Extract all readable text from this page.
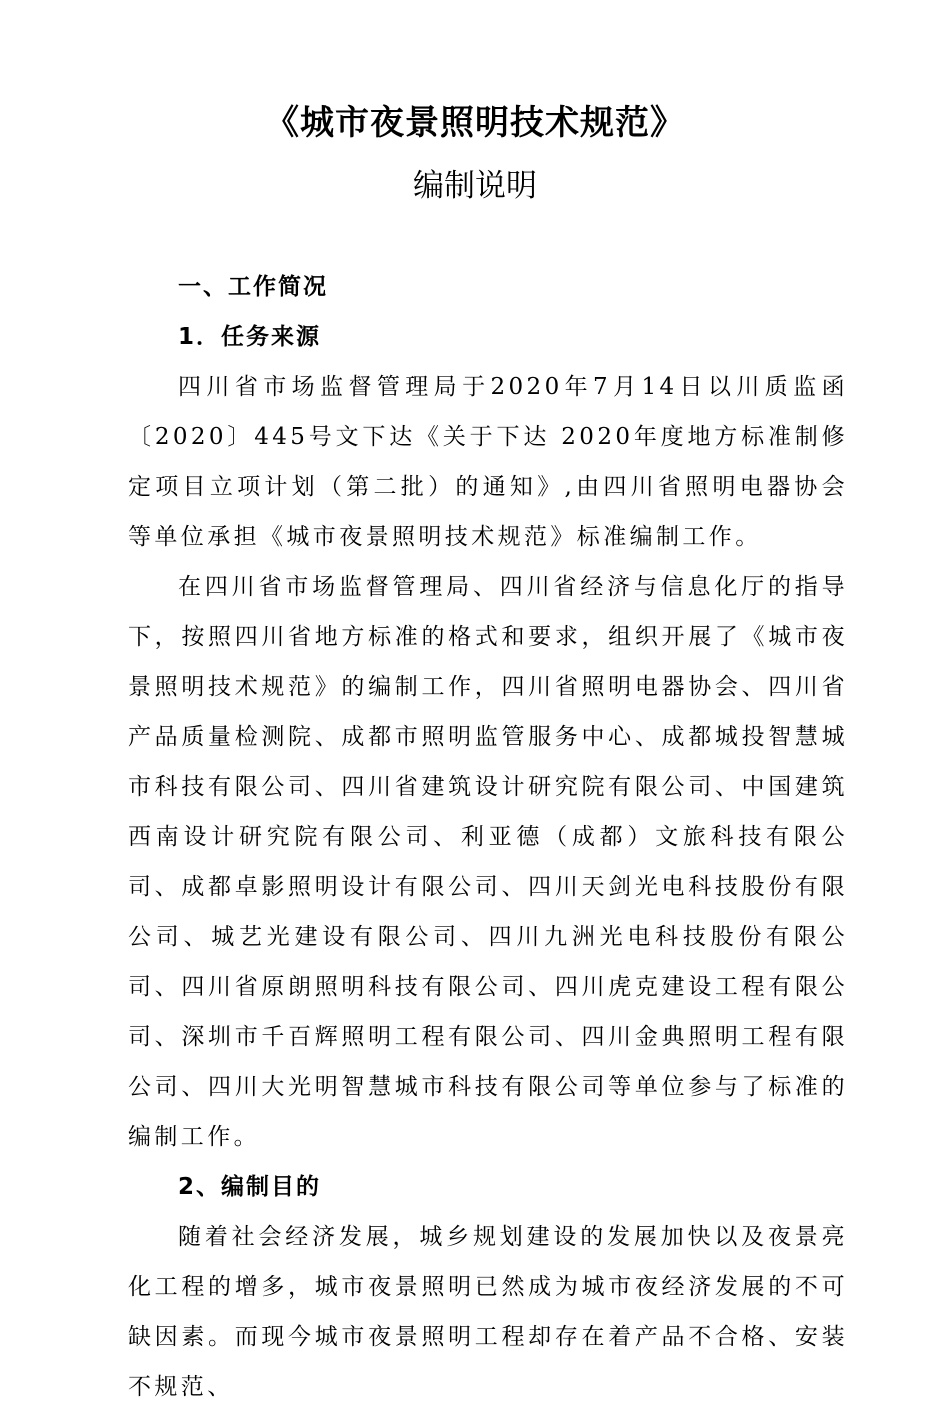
《城市夜景照明技术规范》
编制说明
一、工作简况
1．任务来源

四川省市场监督管理局于2020年7月14日以川质监函〔2020〕445号文下达《关于下达 2020年度地方标准制修定项目立项计划（第二批）的通知》,由四川省照明电器协会等单位承担《城市夜景照明技术规范》标准编制工作。

在四川省市场监督管理局、四川省经济与信息化厅的指导下，按照四川省地方标准的格式和要求，组织开展了《城市夜景照明技术规范》的编制工作，四川省照明电器协会、四川省产品质量检测院、成都市照明监管服务中心、成都城投智慧城市科技有限公司、四川省建筑设计研究院有限公司、中国建筑西南设计研究院有限公司、利亚德（成都）文旅科技有限公司、成都卓影照明设计有限公司、四川天剑光电科技股份有限公司、城艺光建设有限公司、四川九洲光电科技股份有限公司、四川省原朗照明科技有限公司、四川虎克建设工程有限公司、深圳市千百辉照明工程有限公司、四川金典照明工程有限公司、四川大光明智慧城市科技有限公司等单位参与了标准的编制工作。

2、编制目的

随着社会经济发展，城乡规划建设的发展加快以及夜景亮化工程的增多，城市夜景照明已然成为城市夜经济发展的不可缺因素。而现今城市夜景照明工程却存在着产品不合格、安装不规范、
